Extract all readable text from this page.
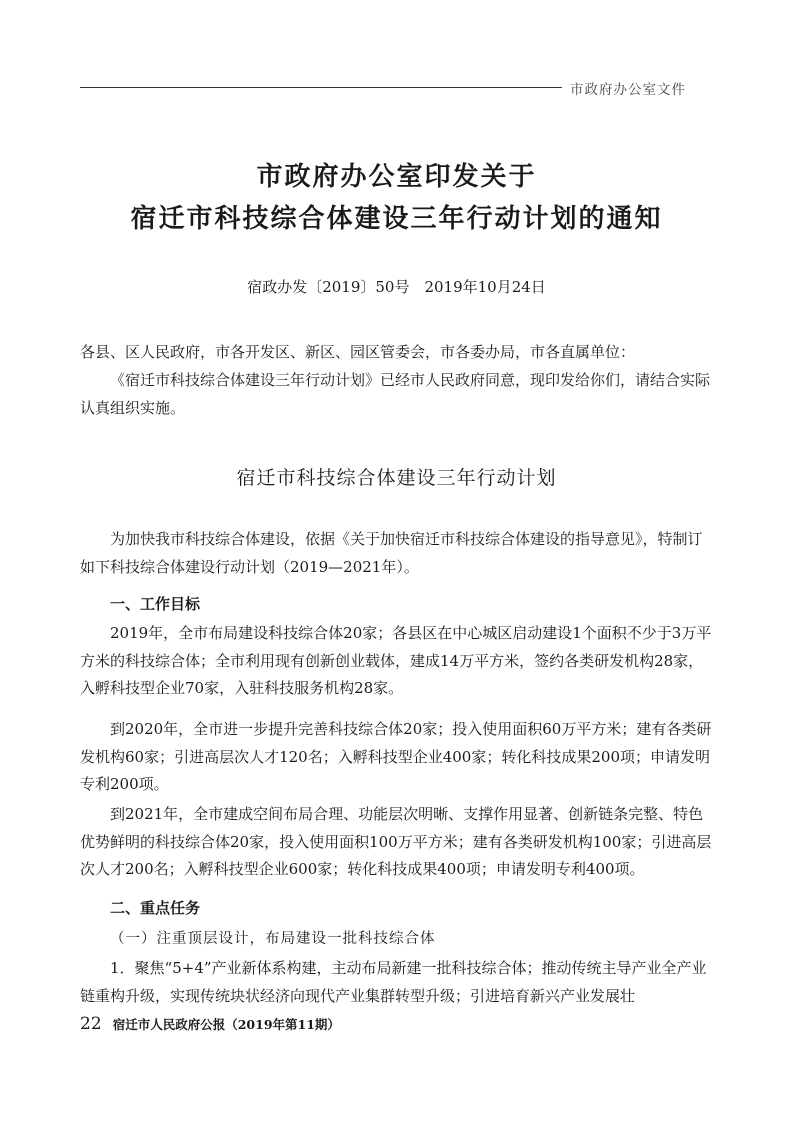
市政府办公室文件
市政府办公室印发关于
宿迁市科技综合体建设三年行动计划的通知
宿政办发〔2019〕50号　2019年10月24日

各县、区人民政府，市各开发区、新区、园区管委会，市各委办局，市各直属单位：

《宿迁市科技综合体建设三年行动计划》已经市人民政府同意，现印发给你们，请结合实际认真组织实施。

宿迁市科技综合体建设三年行动计划

为加快我市科技综合体建设，依据《关于加快宿迁市科技综合体建设的指导意见》，特制订如下科技综合体建设行动计划（2019—2021年）。

一、工作目标

2019年，全市布局建设科技综合体20家；各县区在中心城区启动建设1个面积不少于3万平方米的科技综合体；全市利用现有创新创业载体，建成14万平方米，签约各类研发机构28家，入孵科技型企业70家，入驻科技服务机构28家。

到2020年，全市进一步提升完善科技综合体20家；投入使用面积60万平方米；建有各类研发机构60家；引进高层次人才120名；入孵科技型企业400家；转化科技成果200项；申请发明专利200项。

到2021年，全市建成空间布局合理、功能层次明晰、支撑作用显著、创新链条完整、特色优势鲜明的科技综合体20家，投入使用面积100万平方米；建有各类研发机构100家；引进高层次人才200名；入孵科技型企业600家；转化科技成果400项；申请发明专利400项。

二、重点任务
（一）注重顶层设计，布局建设一批科技综合体

1．聚焦“5+4”产业新体系构建，主动布局新建一批科技综合体；推动传统主导产业全产业链重构升级，实现传统块状经济向现代产业集群转型升级；引进培育新兴产业发展壮

22 宿迁市人民政府公报（2019年第11期）
